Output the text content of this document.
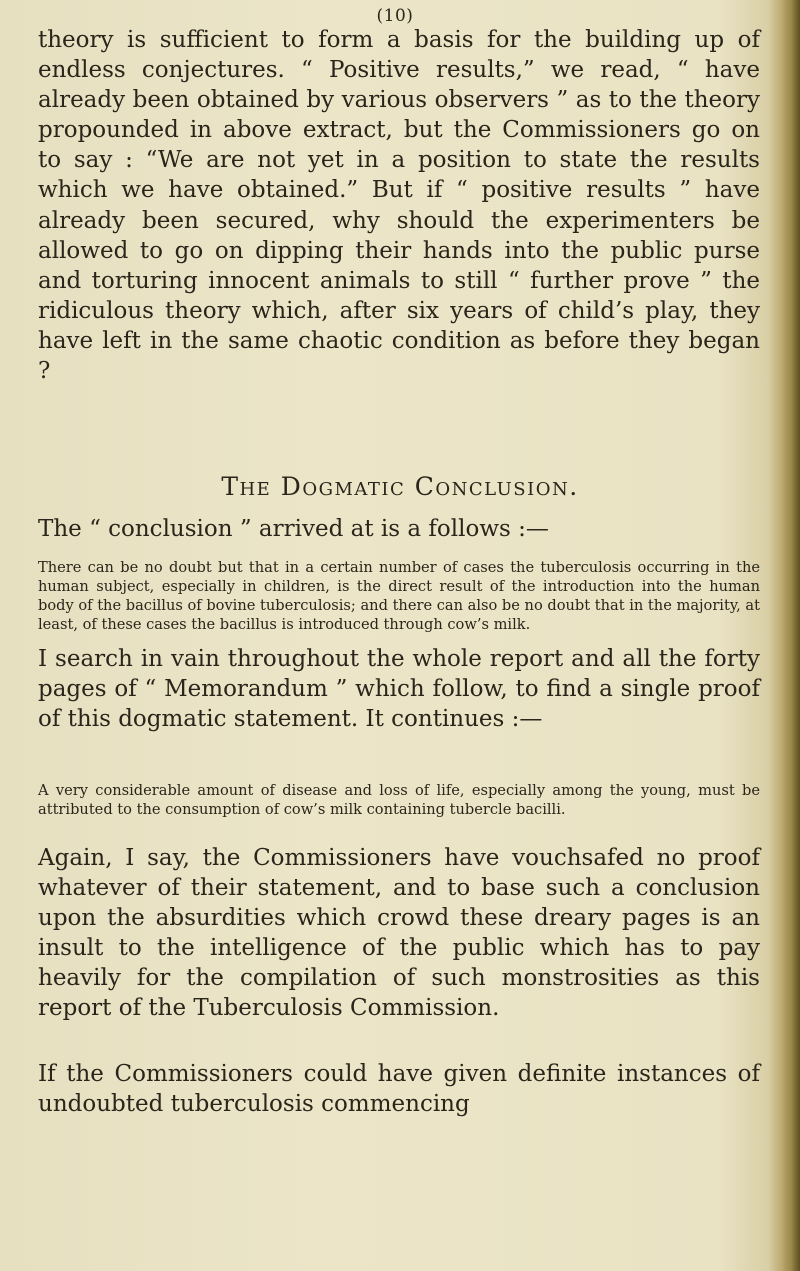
(10)

theory is sufficient to form a basis for the building up of endless conjectures. “ Positive results,” we read, “ have already been obtained by various observers ” as to the theory propounded in above extract, but the Commissioners go on to say : “We are not yet in a position to state the results which we have obtained.” But if “ positive results ” have already been secured, why should the experimenters be allowed to go on dipping their hands into the public purse and torturing innocent animals to still “ further prove ” the ridiculous theory which, after six years of child’s play, they have left in the same chaotic condition as before they began ?

The Dogmatic Conclusion.

The “ conclusion ” arrived at is a follows :—

There can be no doubt but that in a certain number of cases the tuberculosis occurring in the human subject, especially in children, is the direct result of the introduction into the human body of the bacillus of bovine tuberculosis; and there can also be no doubt that in the majority, at least, of these cases the bacillus is introduced through cow’s milk.

I search in vain throughout the whole report and all the forty pages of “ Memorandum ” which follow, to find a single proof of this dogmatic statement. It continues :—

A very considerable amount of disease and loss of life, especially among the young, must be attributed to the consumption of cow’s milk containing tubercle bacilli.

Again, I say, the Commissioners have vouchsafed no proof whatever of their statement, and to base such a conclusion upon the absurdities which crowd these dreary pages is an insult to the intelligence of the public which has to pay heavily for the compilation of such monstrosities as this report of the Tuberculosis Commission.

If the Commissioners could have given definite instances of undoubted tuberculosis commencing
